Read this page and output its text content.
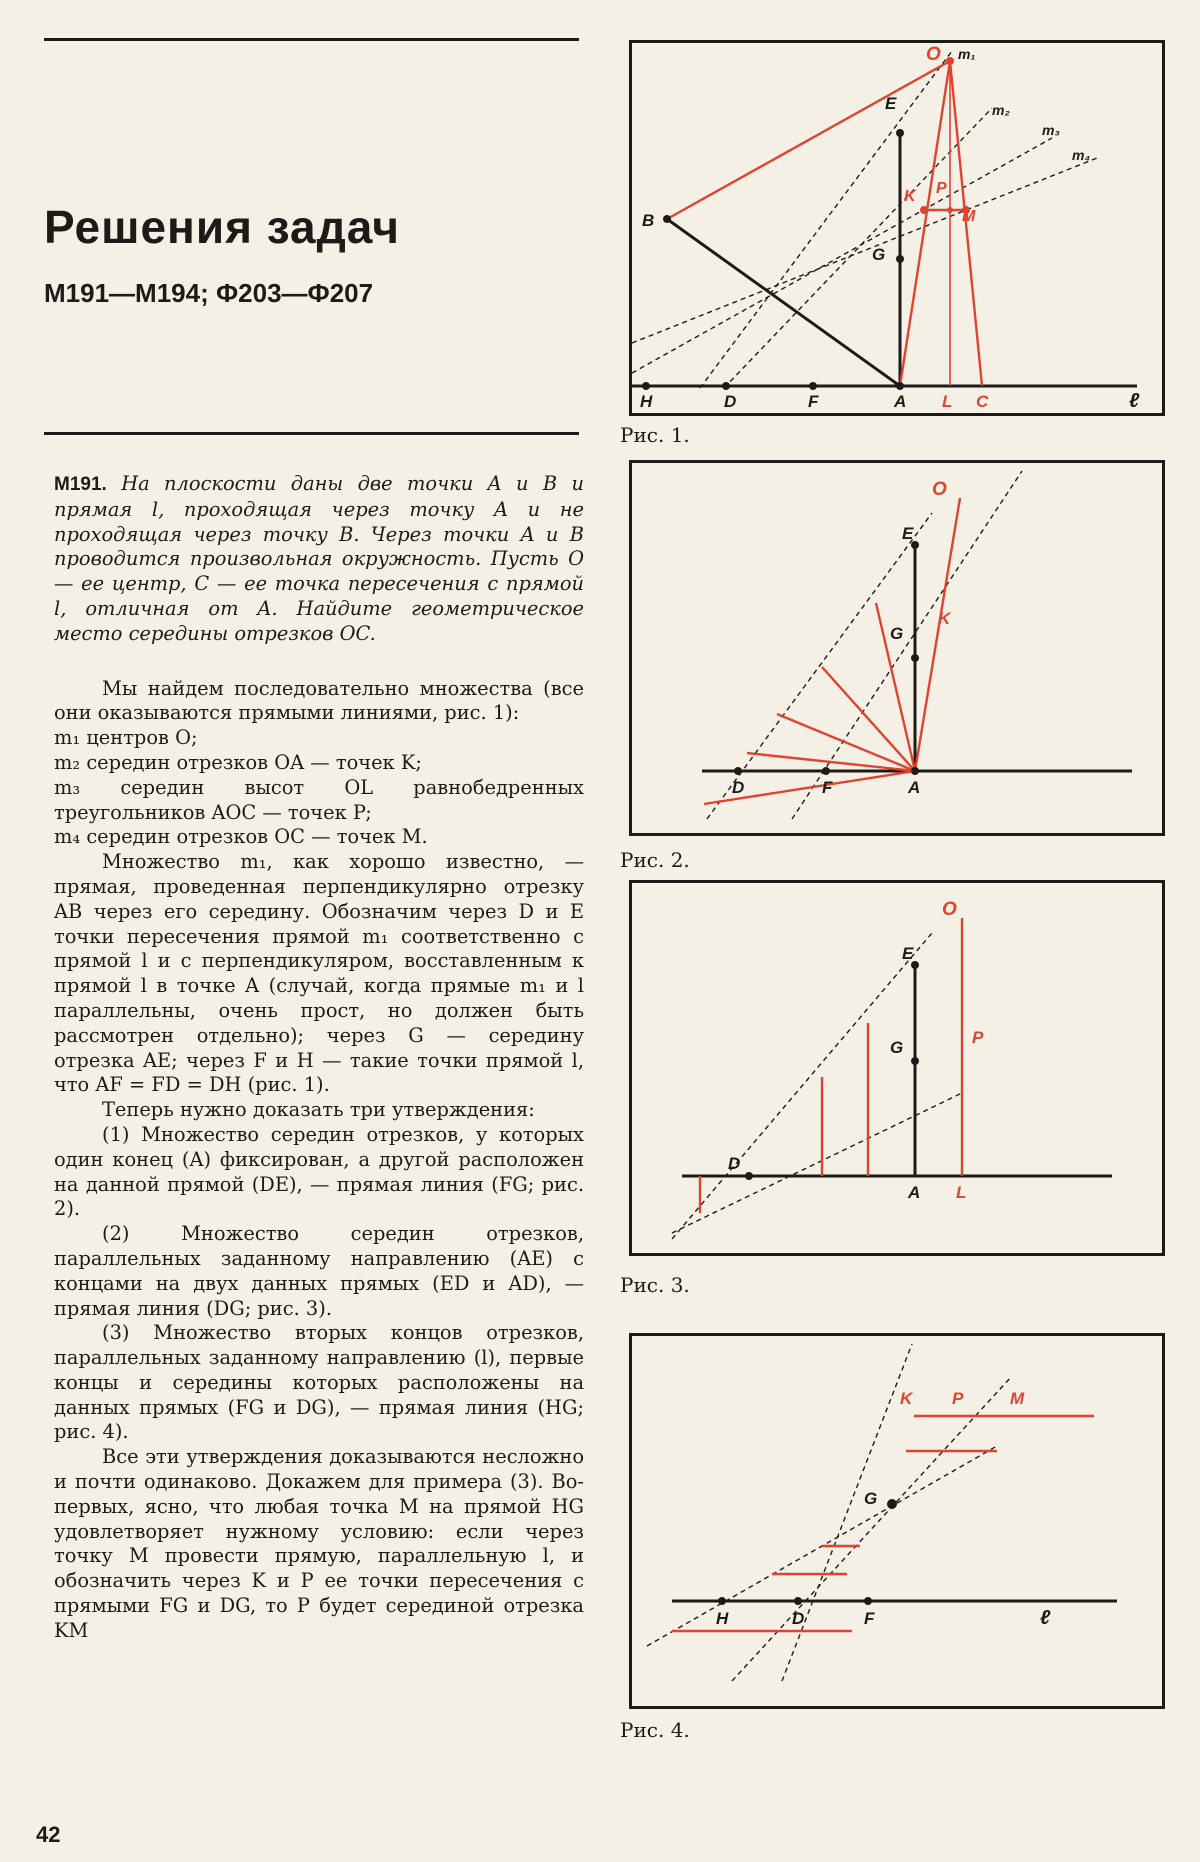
Решения задач
М191—М194; Ф203—Ф207

М191. На плоскости даны две точки A и B и прямая l, проходящая через точку A и не проходящая через точку B. Через точки A и B проводится произвольная окружность. Пусть O — ее центр, C — ее точка пересечения с прямой l, отличная от A. Найдите геометрическое место середины отрезков OC.

Мы найдем последовательно множества (все они оказываются прямыми линиями, рис. 1):

m₁ центров O;

m₂ середин отрезков OA — точек K;

m₃ середин высот OL равнобедренных треугольников AOC — точек P;

m₄ середин отрезков OC — точек M.

Множество m₁, как хорошо известно, — прямая, проведенная перпендикулярно отрезку AB через его середину. Обозначим через D и E точки пересечения прямой m₁ соответственно с прямой l и с перпендикуляром, восставленным к прямой l в точке A (случай, когда прямые m₁ и l параллельны, очень прост, но должен быть рассмотрен отдельно); через G — середину отрезка AE; через F и H — такие точки прямой l, что AF = FD = DH (рис. 1).

Теперь нужно доказать три утверждения:

(1) Множество середин отрезков, у которых один конец (A) фиксирован, а другой расположен на данной прямой (DE), — прямая линия (FG; рис. 2).

(2) Множество середин отрезков, параллельных заданному направлению (AE) с концами на двух данных прямых (ED и AD), — прямая линия (DG; рис. 3).

(3) Множество вторых концов отрезков, параллельных заданному направлению (l), первые концы и середины которых расположены на данных прямых (FG и DG), — прямая линия (HG; рис. 4).

Все эти утверждения доказываются несложно и почти одинаково. Докажем для примера (3). Во-первых, ясно, что любая точка M на прямой HG удовлетворяет нужному условию: если через точку M провести прямую, параллельную l, и обозначить через K и P ее точки пересечения с прямыми FG и DG, то P будет серединой отрезка KM

O m₁
m₂
m₃
m₄
E
B
K P
M
G
H	D	F	A L C	ℓ
Рис. 1.
O
E
G
K
D	F	A
Рис. 2.
O
E
G
P
D
A L
Рис. 3.
K P	M
G
H	D	F	ℓ
Рис. 4.
42
